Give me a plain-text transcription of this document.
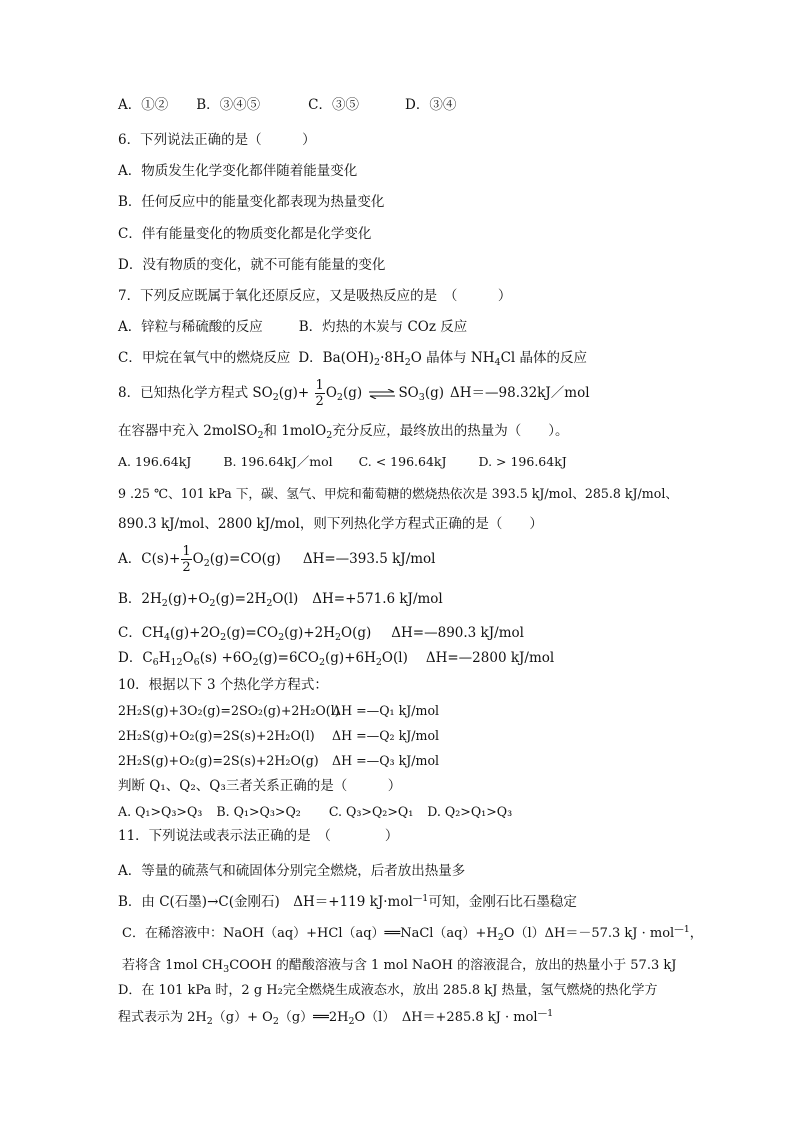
A．①② B．③④⑤	C．③⑤	D．③④
6．下列说法正确的是（　　　）
A．物质发生化学变化都伴随着能量变化
B．任何反应中的能量变化都表现为热量变化
C．伴有能量变化的物质变化都是化学变化
D．没有物质的变化，就不可能有能量的变化
7．下列反应既属于氧化还原反应，又是吸热反应的是　（　　　）
A．锌粒与稀硫酸的反应	B．灼热的木炭与 COz 反应
C．甲烷在氧气中的燃烧反应 D．$Ba(OH)_2\cdot 8H_2O$ 晶体与 $NH_4Cl$ 晶体的反应
8．已知热化学方程式 $SO_2(g)+ \frac{1}{2} O_2(g)$ ⇌ $SO_3(g)$ ΔH＝—98.32kJ／mol
在容器中充入 2molSO$_2$和 1molO$_2$充分反应，最终放出的热量为（　　）。
A. 196.64kJ	B. 196.64kJ／mol C. < 196.64kJ	D. > 196.64kJ
9 .25 ℃、101 kPa 下，碳、氢气、甲烷和葡萄糖的燃烧热依次是 393.5 kJ/mol、285.8 kJ/mol、
890.3 kJ/mol、2800 kJ/mol，则下列热化学方程式正确的是（　　）
A．$C(s)+ \frac{1}{2} O_2(g)=CO(g)$ ΔH=—393.5 kJ/mol
B．$2H_2(g)+O_2(g)=2H_2O(l)$ ΔH=+571.6 kJ/mol
C．$CH_4(g)+2O_2(g)=CO_2(g)+2H_2O(g)$ ΔH=—890.3 kJ/mol
D．$C_6H_{12}O_6(s) +6O_2(g)=6CO_2(g)+6H_2O(l)$ ΔH=—2800 kJ/mol
10．根据以下 3 个热化学方程式：
2H₂S(g)+3O₂(g)=2SO₂(g)+2H₂O(l)ΔH =—Q₁ kJ/mol
2H₂S(g)+O₂(g)=2S(s)+2H₂O(l) ΔH =—Q₂ kJ/mol
2H₂S(g)+O₂(g)=2S(s)+2H₂O(g) ΔH =—Q₃ kJ/mol
判断 Q₁、Q₂、Q₃三者关系正确的是（　　　）
A. Q₁>Q₃>Q₃ B. Q₁>Q₃>Q₂ C. Q₃>Q₂>Q₁ D. Q₂>Q₁>Q₃
11．下列说法或表示法正确的是　（　　　　）
A．等量的硫蒸气和硫固体分别完全燃烧，后者放出热量多
B．由 C(石墨)→C(金刚石)　ΔH＝+119 kJ·mol$^{—1}$可知，金刚石比石墨稳定
C．在稀溶液中：$NaOH(aq)+HCl(aq)══NaCl(aq)+H_2O(l)\Delta H=-57.3$ kJ · mol$^{—1}$，
若将含 1mol $CH_3COOH$ 的醋酸溶液与含 1 mol NaOH 的溶液混合，放出的热量小于 57.3 kJ
D．在 101 kPa 时，2 g H₂完全燃烧生成液态水，放出 285.8 kJ 热量，氢气燃烧的热化学方
程式表示为 $2H_2(g)+$ $O_2(g)══2H_2O(l)$　ΔH＝+285.8 kJ · mol$^{—1}$
